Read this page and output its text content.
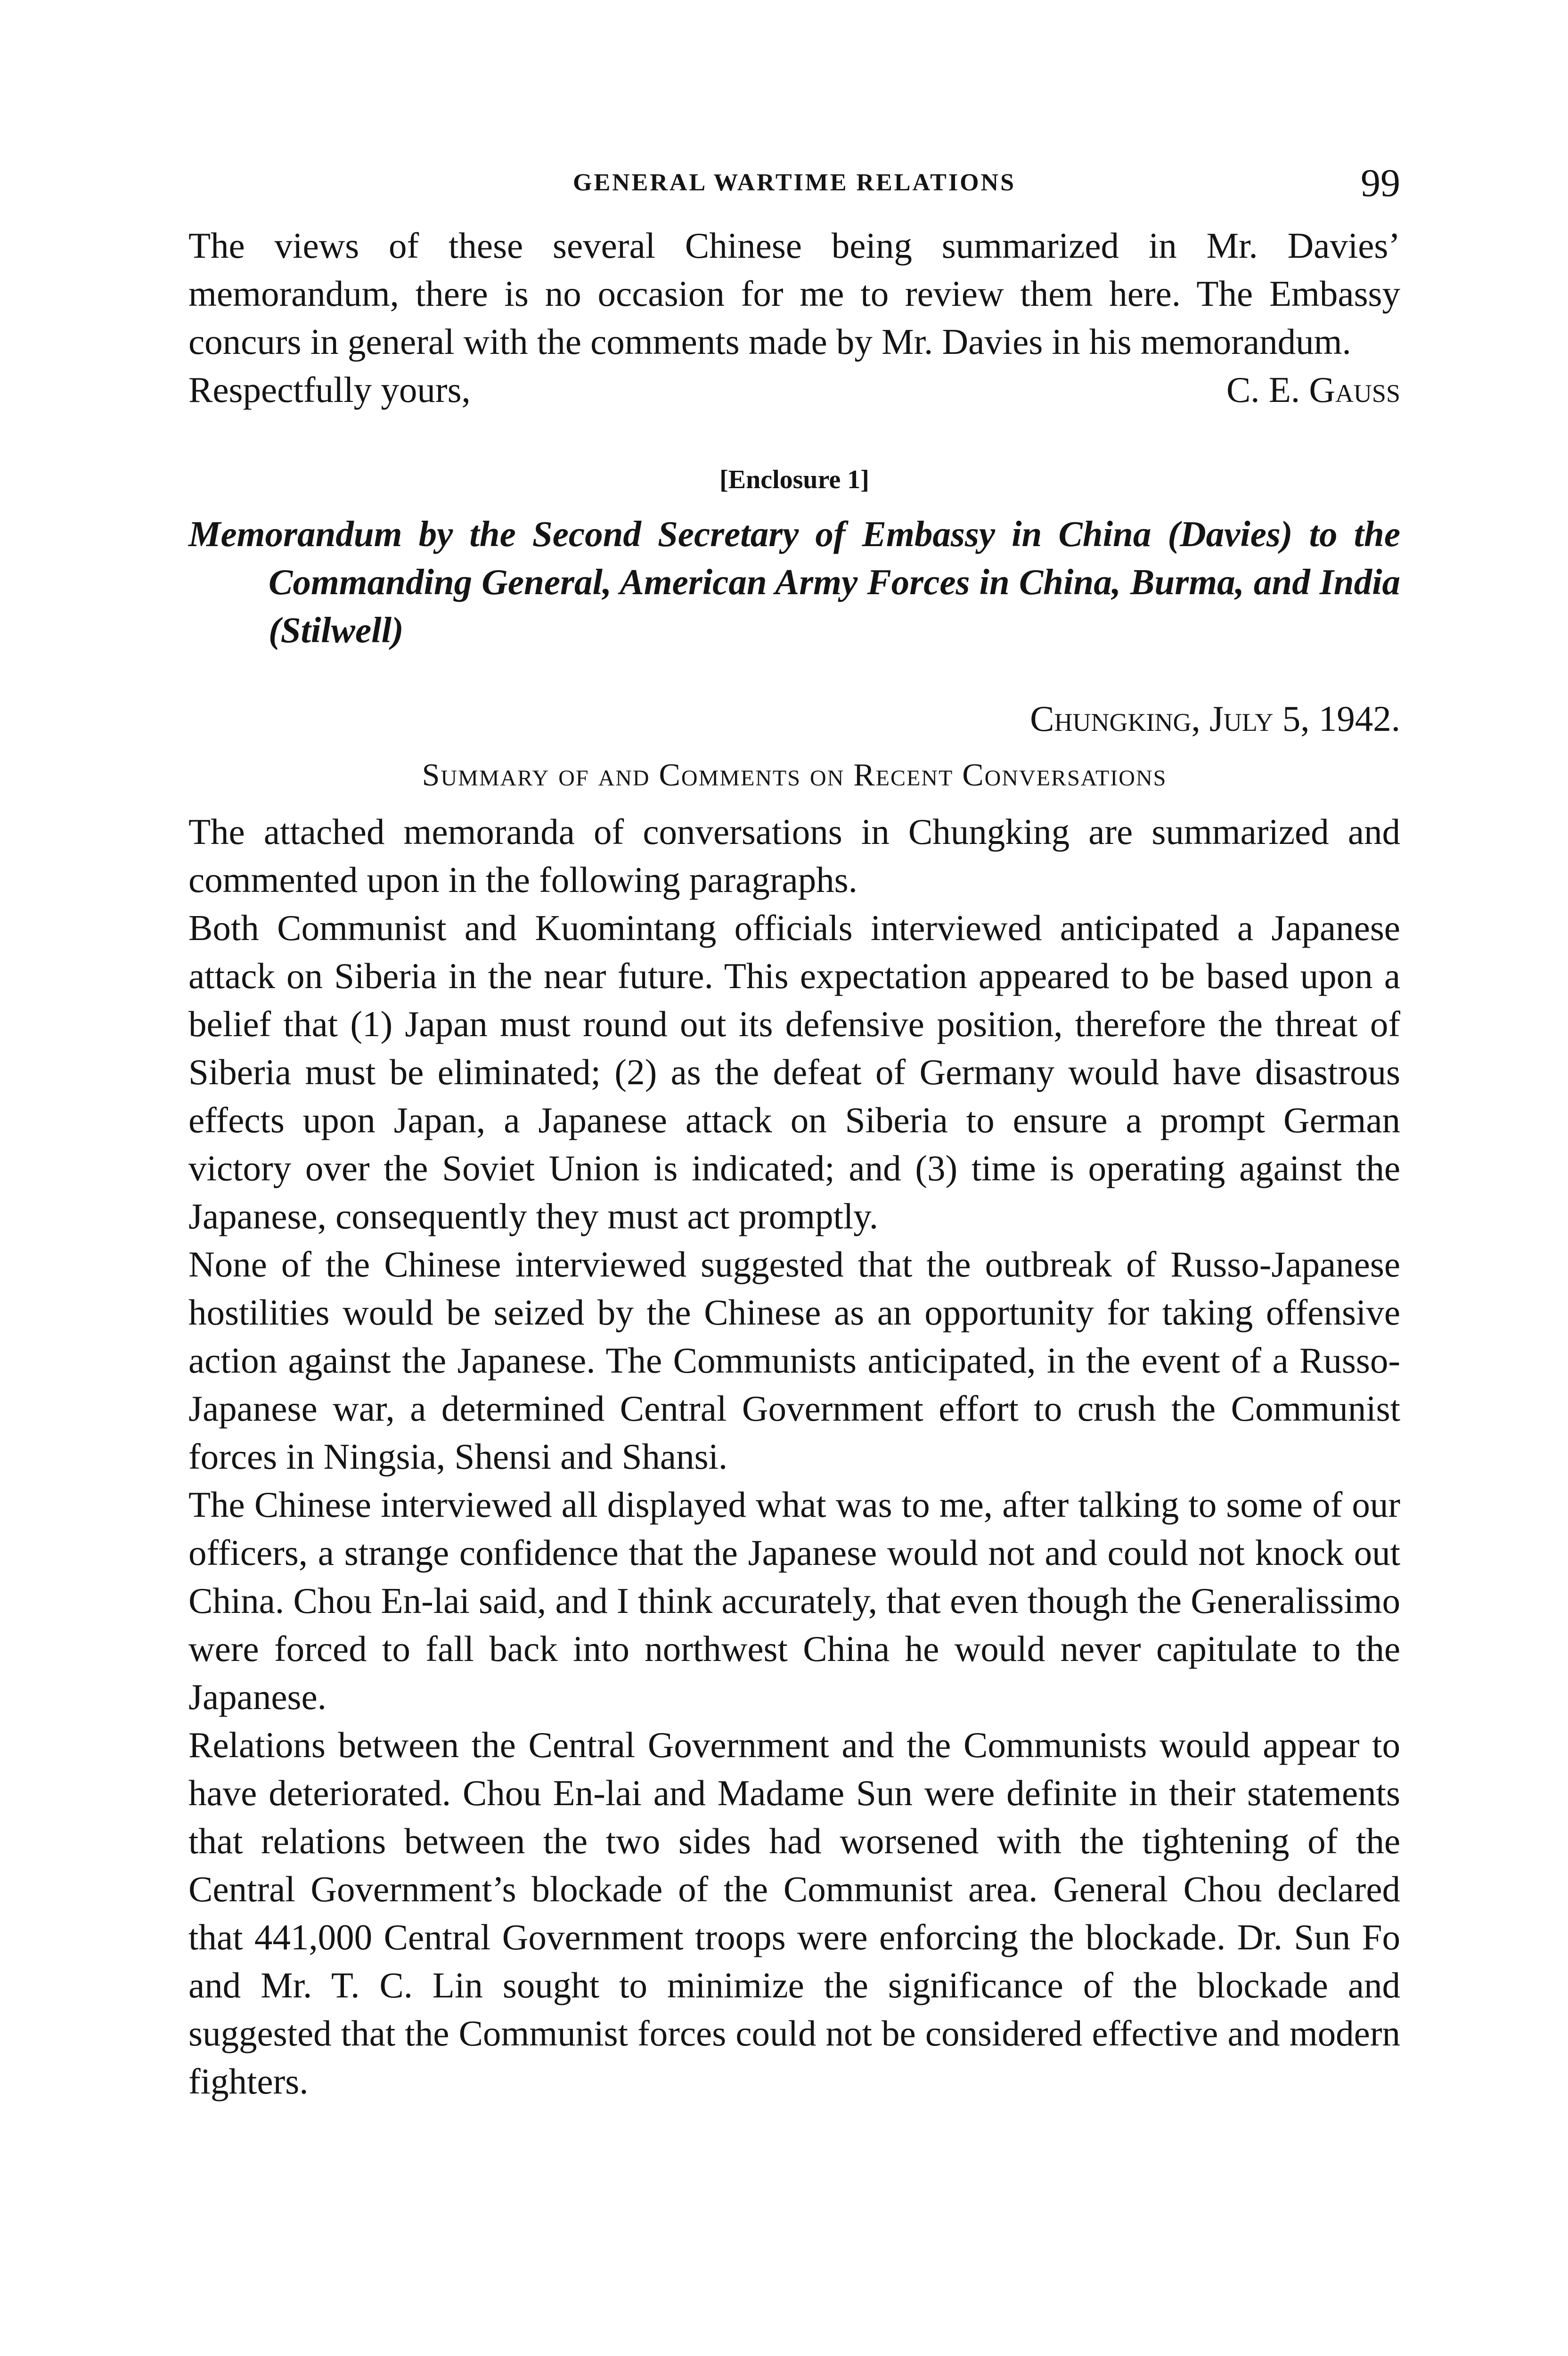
GENERAL WARTIME RELATIONS	99

The views of these several Chinese being summarized in Mr. Davies’ memorandum, there is no occasion for me to review them here. The Embassy concurs in general with the comments made by Mr. Davies in his memorandum.

Respectfully yours,	C. E. Gauss
[Enclosure 1]
Memorandum by the Second Secretary of Embassy in China (Davies) to the Commanding General, American Army Forces in China, Burma, and India (Stilwell)
Chungking, July 5, 1942.
Summary of and Comments on Recent Conversations

The attached memoranda of conversations in Chungking are summarized and commented upon in the following paragraphs.

Both Communist and Kuomintang officials interviewed anticipated a Japanese attack on Siberia in the near future. This expectation appeared to be based upon a belief that (1) Japan must round out its defensive position, therefore the threat of Siberia must be eliminated; (2) as the defeat of Germany would have disastrous effects upon Japan, a Japanese attack on Siberia to ensure a prompt German victory over the Soviet Union is indicated; and (3) time is operating against the Japanese, consequently they must act promptly.

None of the Chinese interviewed suggested that the outbreak of Russo-Japanese hostilities would be seized by the Chinese as an opportunity for taking offensive action against the Japanese. The Communists anticipated, in the event of a Russo-Japanese war, a determined Central Government effort to crush the Communist forces in Ningsia, Shensi and Shansi.

The Chinese interviewed all displayed what was to me, after talking to some of our officers, a strange confidence that the Japanese would not and could not knock out China. Chou En-lai said, and I think accurately, that even though the Generalissimo were forced to fall back into northwest China he would never capitulate to the Japanese.

Relations between the Central Government and the Communists would appear to have deteriorated. Chou En-lai and Madame Sun were definite in their statements that relations between the two sides had worsened with the tightening of the Central Government’s blockade of the Communist area. General Chou declared that 441,000 Central Government troops were enforcing the blockade. Dr. Sun Fo and Mr. T. C. Lin sought to minimize the significance of the blockade and suggested that the Communist forces could not be considered effective and modern fighters.
